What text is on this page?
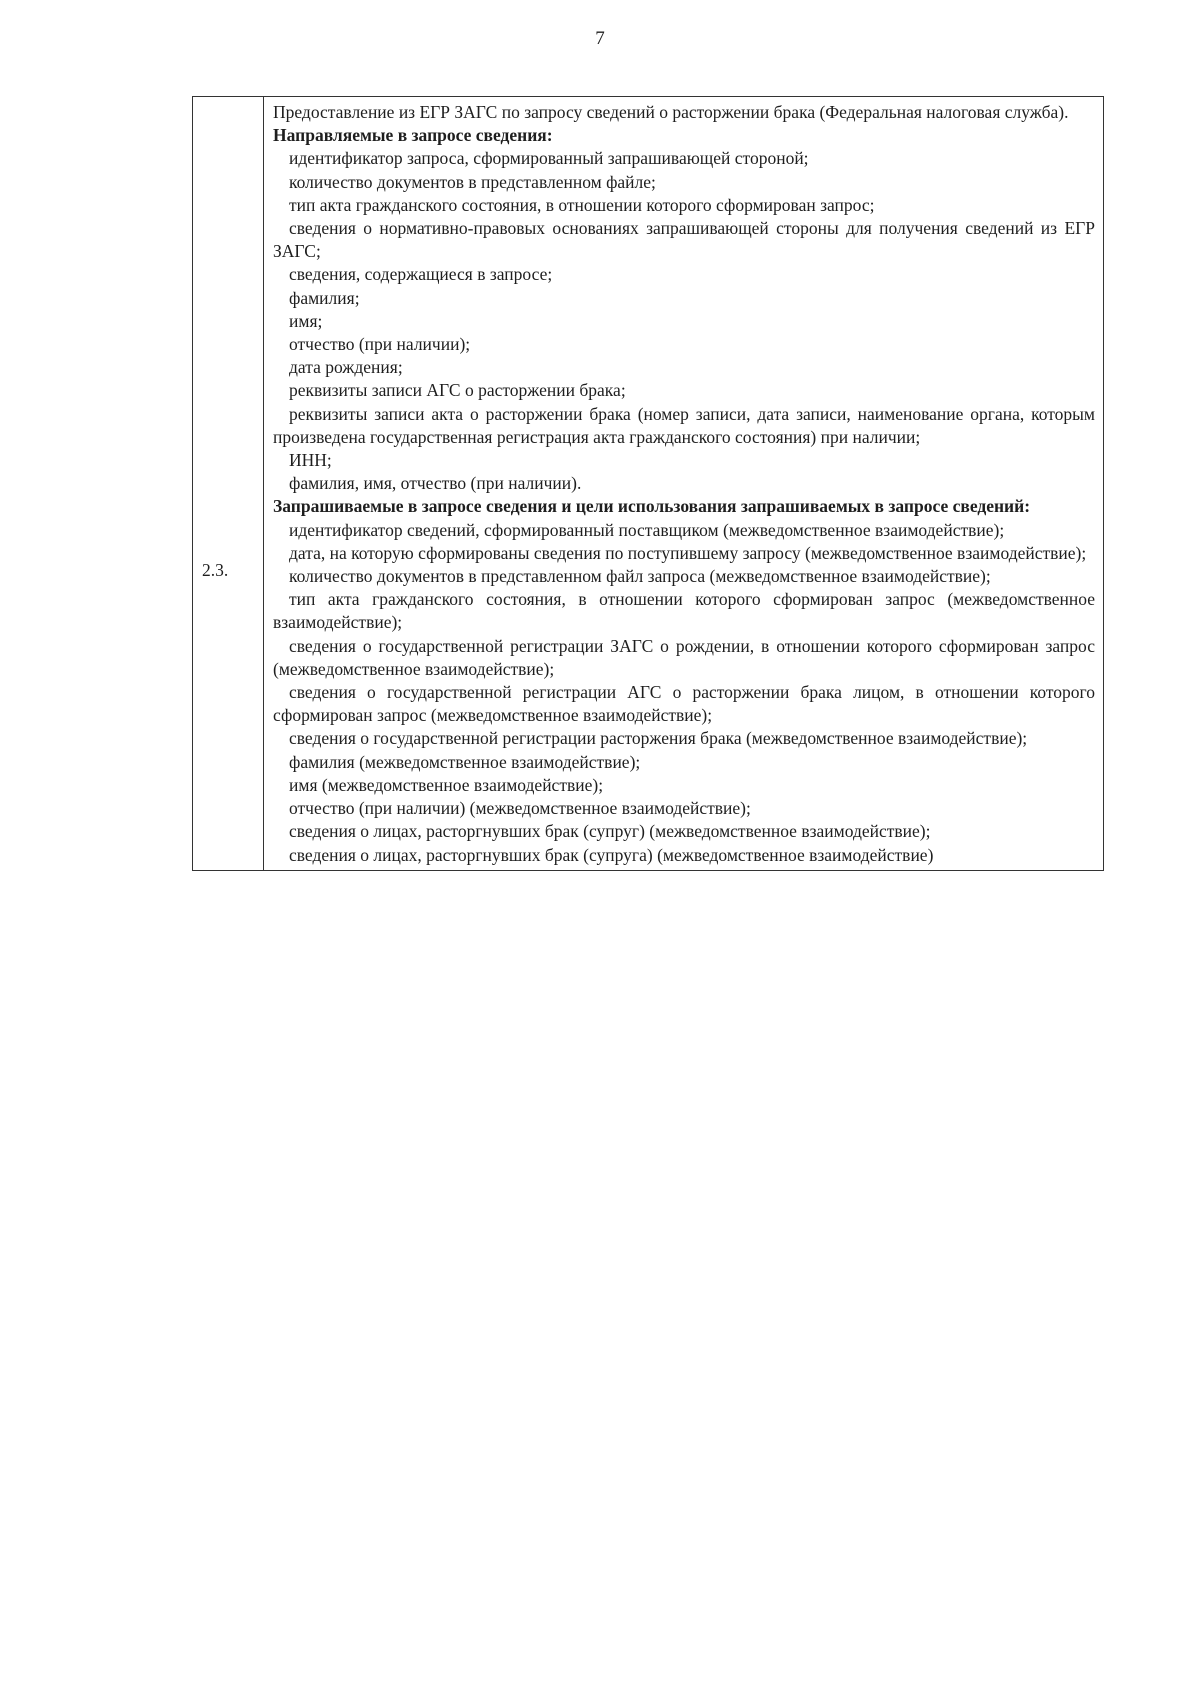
7
2.3.

Предоставление из ЕГР ЗАГС по запросу сведений о расторжении брака (Федеральная налоговая служба).

Направляемые в запросе сведения:

идентификатор запроса, сформированный запрашивающей стороной;

количество документов в представленном файле;

тип акта гражданского состояния, в отношении которого сформирован запрос;

сведения о нормативно-правовых основаниях запрашивающей стороны для получения сведений из ЕГР ЗАГС;

сведения, содержащиеся в запросе;

фамилия;

имя;

отчество (при наличии);

дата рождения;

реквизиты записи АГС о расторжении брака;

реквизиты записи акта о расторжении брака (номер записи, дата записи, наименование органа, которым произведена государственная регистрация акта гражданского состояния) при наличии;

ИНН;

фамилия, имя, отчество (при наличии).

Запрашиваемые в запросе сведения и цели использования запрашиваемых в запросе сведений:

идентификатор сведений, сформированный поставщиком (межведомственное взаимодействие);

дата, на которую сформированы сведения по поступившему запросу (межведомственное взаимодействие);

количество документов в представленном файл запроса (межведомственное взаимодействие);

тип акта гражданского состояния, в отношении которого сформирован запрос (межведомственное взаимодействие);

сведения о государственной регистрации ЗАГС о рождении, в отношении которого сформирован запрос (межведомственное взаимодействие);

сведения о государственной регистрации АГС о расторжении брака лицом, в отношении которого сформирован запрос (межведомственное взаимодействие);

сведения о государственной регистрации расторжения брака (межведомственное взаимодействие);

фамилия (межведомственное взаимодействие);

имя (межведомственное взаимодействие);

отчество (при наличии) (межведомственное взаимодействие);

сведения о лицах, расторгнувших брак (супруг) (межведомственное взаимодействие);

сведения о лицах, расторгнувших брак (супруга) (межведомственное взаимодействие)
